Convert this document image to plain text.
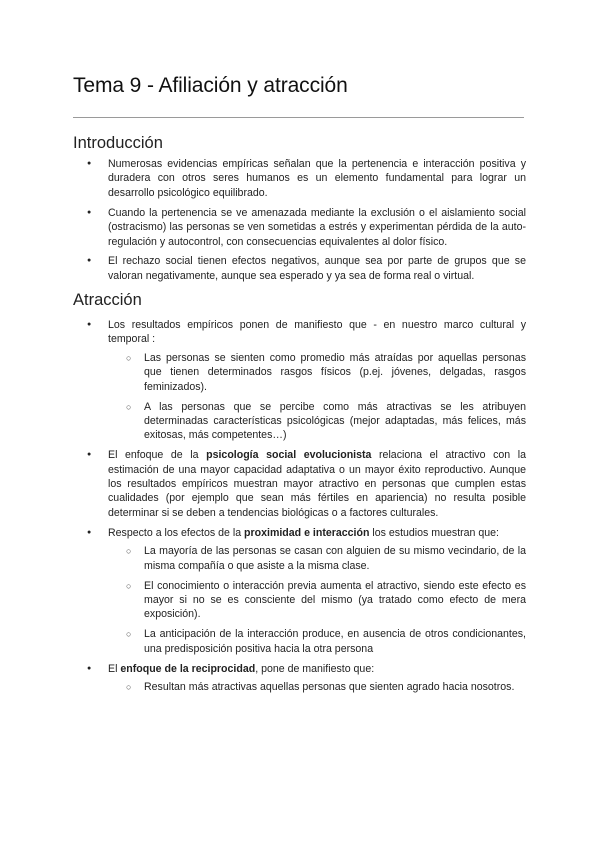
Tema 9 - Afiliación y atracción
Introducción
● Numerosas evidencias empíricas señalan que la pertenencia e interacción positiva y duradera con otros seres humanos es un elemento fundamental para lograr un desarrollo psicológico equilibrado.
● Cuando la pertenencia se ve amenazada mediante la exclusión o el aislamiento social (ostracismo) las personas se ven sometidas a estrés y experimentan pérdida de la auto-regulación y autocontrol, con consecuencias equivalentes al dolor físico.
● El rechazo social tienen efectos negativos, aunque sea por parte de grupos que se valoran negativamente, aunque sea esperado y ya sea de forma real o virtual.
Atracción
● Los resultados empíricos ponen de manifiesto que - en nuestro marco cultural y temporal :
○ Las personas se sienten como promedio más atraídas por aquellas personas que tienen determinados rasgos físicos (p.ej. jóvenes, delgadas, rasgos feminizados).
○ A las personas que se percibe como más atractivas se les atribuyen determinadas características psicológicas (mejor adaptadas, más felices, más exitosas, más competentes…)
● El enfoque de la psicología social evolucionista relaciona el atractivo con la estimación de una mayor capacidad adaptativa o un mayor éxito reproductivo. Aunque los resultados empíricos muestran mayor atractivo en personas que cumplen estas cualidades (por ejemplo que sean más fértiles en apariencia) no resulta posible determinar si se deben a tendencias biológicas o a factores culturales.
● Respecto a los efectos de la proximidad e interacción los estudios muestran que:
○ La mayoría de las personas se casan con alguien de su mismo vecindario, de la misma compañía o que asiste a la misma clase.
○ El conocimiento o interacción previa aumenta el atractivo, siendo este efecto es mayor si no se es consciente del mismo (ya tratado como efecto de mera exposición).
○ La anticipación de la interacción produce, en ausencia de otros condicionantes, una predisposición positiva hacia la otra persona
● El enfoque de la reciprocidad, pone de manifiesto que:
○ Resultan más atractivas aquellas personas que sienten agrado hacia nosotros.
